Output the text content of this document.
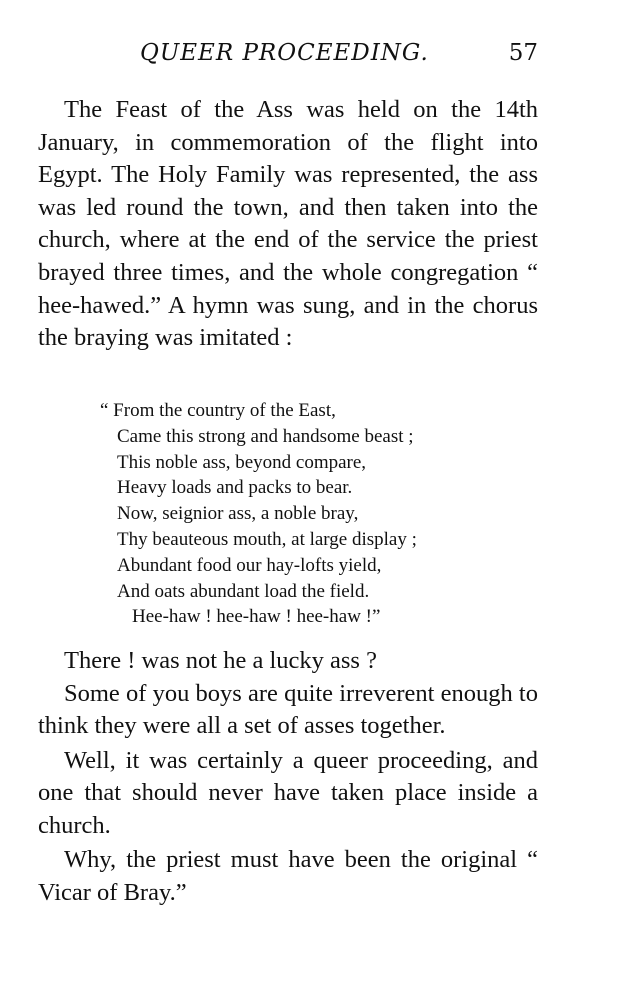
QUEER PROCEEDING.	57

The Feast of the Ass was held on the 14th January, in commemoration of the flight into Egypt. The Holy Family was represented, the ass was led round the town, and then taken into the church, where at the end of the service the priest brayed three times, and the whole congregation “ hee-hawed.” A hymn was sung, and in the chorus the braying was imitated :

“ From the country of the East,
Came this strong and handsome beast ;
This noble ass, beyond compare,
Heavy loads and packs to bear.
Now, seignior ass, a noble bray,
Thy beauteous mouth, at large display ;
Abundant food our hay-lofts yield,
And oats abundant load the field.
Hee-haw ! hee-haw ! hee-haw !”

There ! was not he a lucky ass ?

Some of you boys are quite irreverent enough to think they were all a set of asses together.

Well, it was certainly a queer proceeding, and one that should never have taken place inside a church.

Why, the priest must have been the original “ Vicar of Bray.”
